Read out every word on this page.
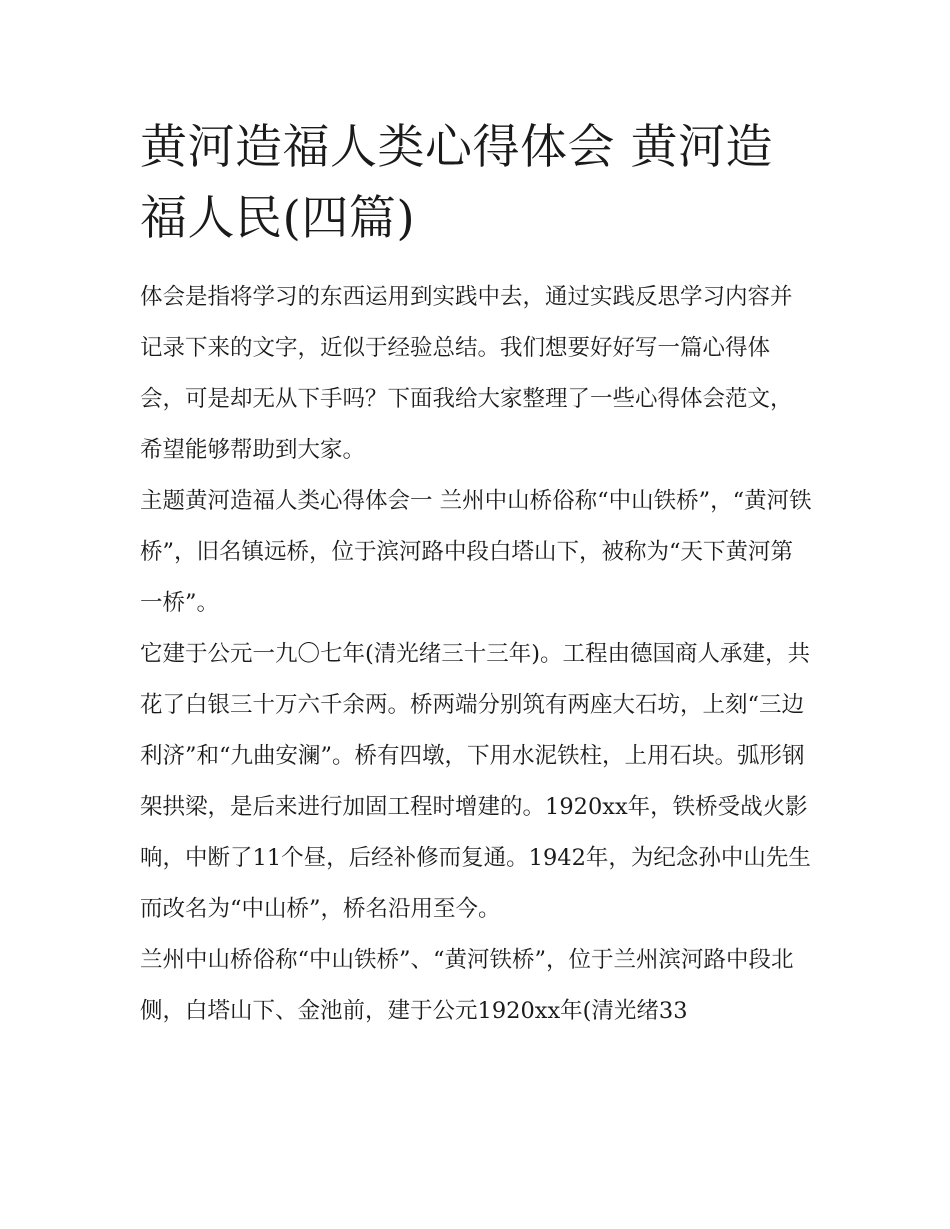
黄河造福人类心得体会 黄河造福人民(四篇)

体会是指将学习的东西运用到实践中去，通过实践反思学习内容并记录下来的文字，近似于经验总结。我们想要好好写一篇心得体会，可是却无从下手吗？下面我给大家整理了一些心得体会范文，希望能够帮助到大家。

主题黄河造福人类心得体会一 兰州中山桥俗称“中山铁桥”，“黄河铁桥”，旧名镇远桥，位于滨河路中段白塔山下，被称为“天下黄河第一桥”。

它建于公元一九〇七年(清光绪三十三年)。工程由德国商人承建，共花了白银三十万六千余两。桥两端分别筑有两座大石坊，上刻“三边利济”和“九曲安澜”。桥有四墩，下用水泥铁柱，上用石块。弧形钢架拱梁，是后来进行加固工程时增建的。1920xx年，铁桥受战火影响，中断了11个昼，后经补修而复通。1942年，为纪念孙中山先生而改名为“中山桥”，桥名沿用至今。

兰州中山桥俗称“中山铁桥”、“黄河铁桥”，位于兰州滨河路中段北侧，白塔山下、金池前，建于公元1920xx年(清光绪33
